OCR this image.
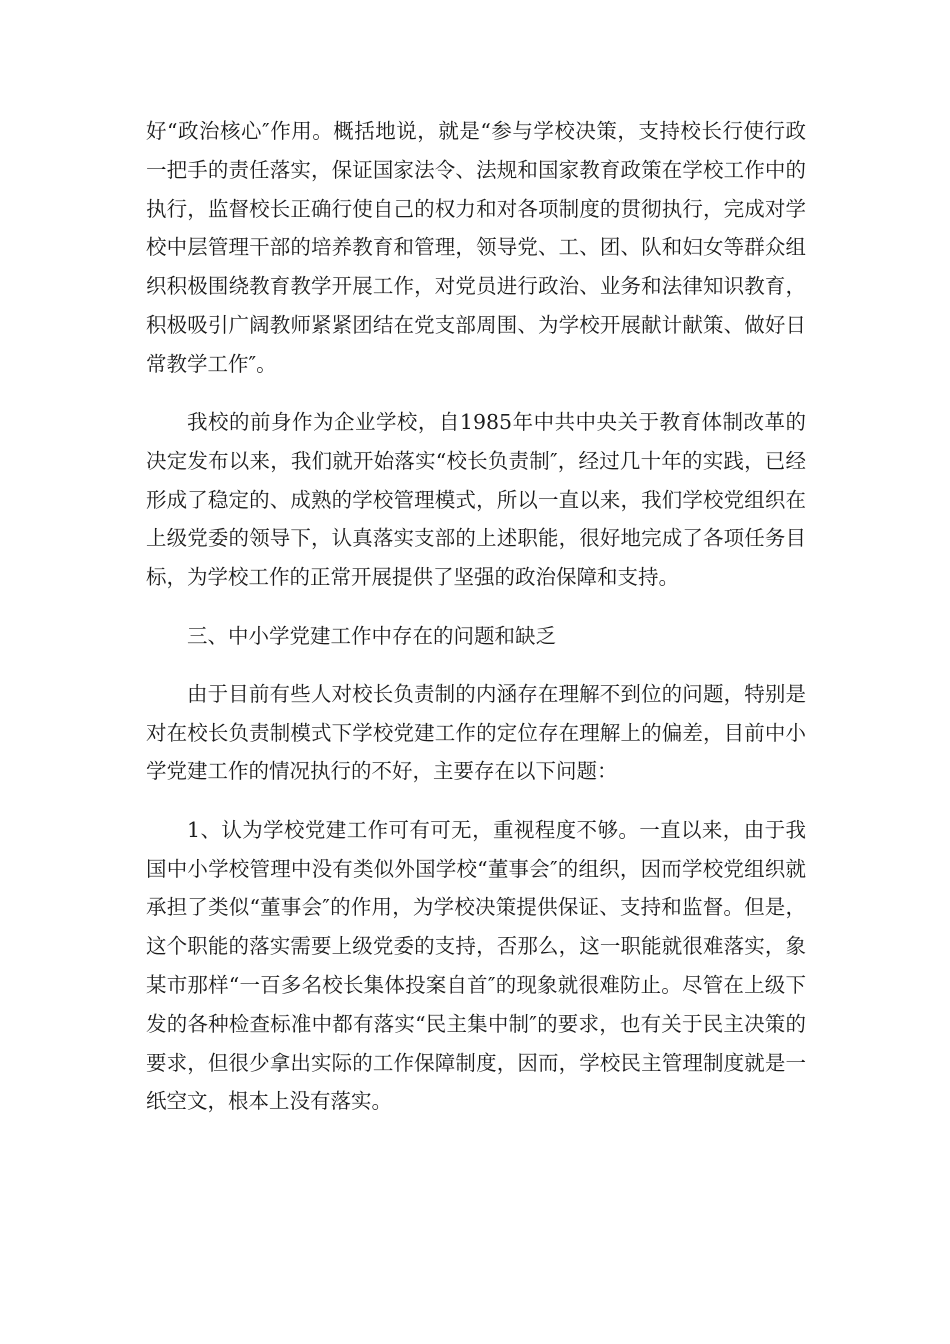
好“政治核心″作用。概括地说，就是“参与学校决策，支持校长行使行政一把手的责任落实，保证国家法令、法规和国家教育政策在学校工作中的执行，监督校长正确行使自己的权力和对各项制度的贯彻执行，完成对学校中层管理干部的培养教育和管理，领导党、工、团、队和妇女等群众组织积极围绕教育教学开展工作，对党员进行政治、业务和法律知识教育，积极吸引广阔教师紧紧团结在党支部周围、为学校开展献计献策、做好日常教学工作″。

我校的前身作为企业学校，自1985年中共中央关于教育体制改革的决定发布以来，我们就开始落实“校长负责制″，经过几十年的实践，已经形成了稳定的、成熟的学校管理模式，所以一直以来，我们学校党组织在上级党委的领导下，认真落实支部的上述职能，很好地完成了各项任务目标，为学校工作的正常开展提供了坚强的政治保障和支持。

三、中小学党建工作中存在的问题和缺乏

由于目前有些人对校长负责制的内涵存在理解不到位的问题，特别是对在校长负责制模式下学校党建工作的定位存在理解上的偏差，目前中小学党建工作的情况执行的不好，主要存在以下问题：

1、认为学校党建工作可有可无，重视程度不够。一直以来，由于我国中小学校管理中没有类似外国学校“董事会″的组织，因而学校党组织就承担了类似“董事会″的作用，为学校决策提供保证、支持和监督。但是，这个职能的落实需要上级党委的支持，否那么，这一职能就很难落实，象某市那样“一百多名校长集体投案自首″的现象就很难防止。尽管在上级下发的各种检查标准中都有落实“民主集中制″的要求，也有关于民主决策的要求，但很少拿出实际的工作保障制度，因而，学校民主管理制度就是一纸空文，根本上没有落实。
